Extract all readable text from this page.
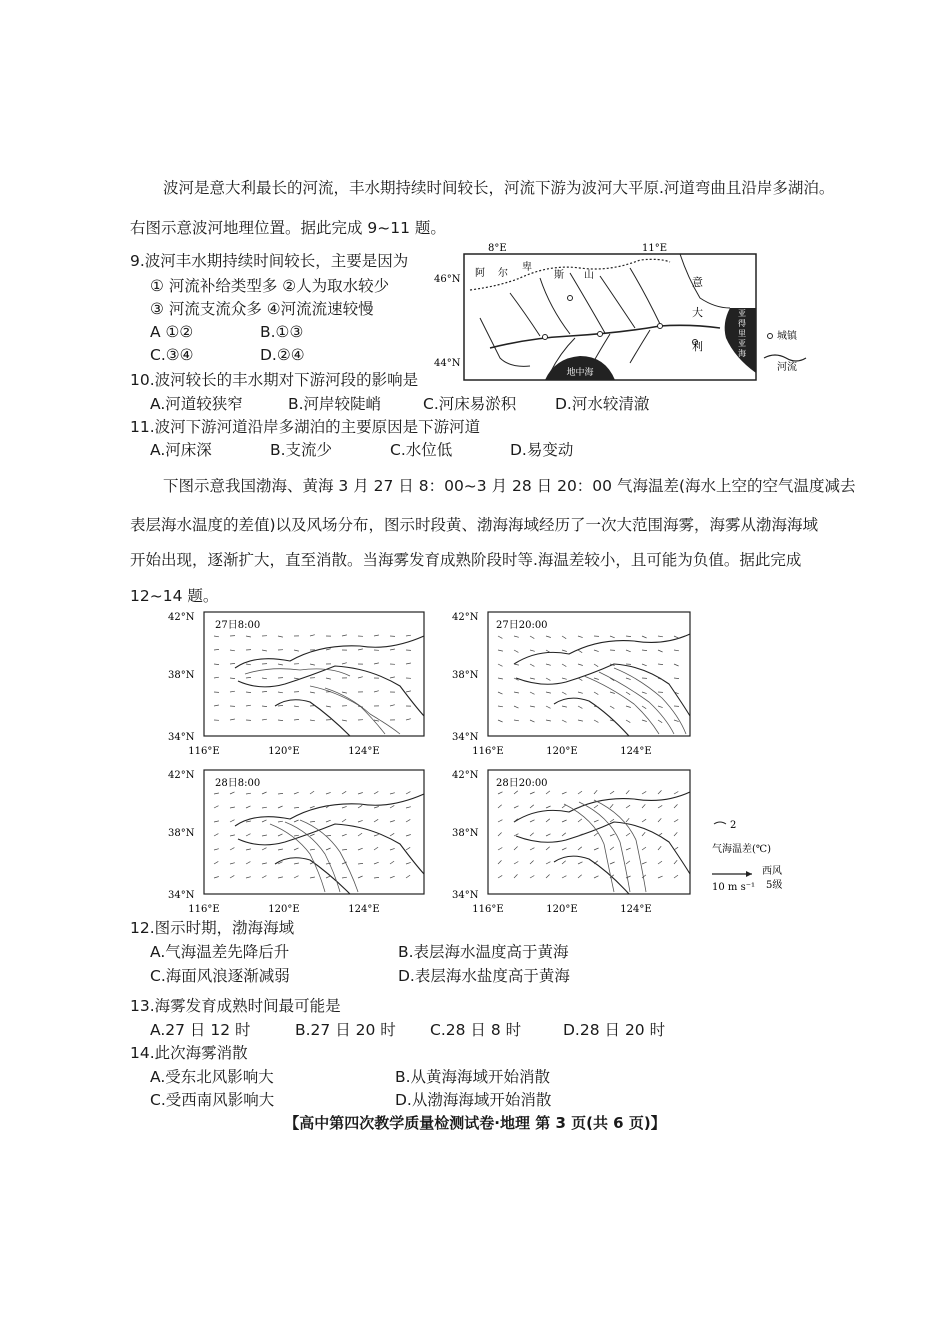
波河是意大利最长的河流，丰水期持续时间较长，河流下游为波河大平原.河道弯曲且沿岸多湖泊。
右图示意波河地理位置。据此完成 9~11 题。
9.波河丰水期持续时间较长，主要是因为
① 河流补给类型多 ②人为取水较少
③ 河流支流众多 ④河流流速较慢
A ①②	B.①③
C.③④	D.②④
10.波河较长的丰水期对下游河段的影响是
A.河道较狭窄	B.河岸较陡峭	C.河床易淤积 D.河水较清澈
11.波河下游河道沿岸多湖泊的主要原因是下游河道
A.河床深	B.支流少	C.水位低	D.易变动
8°E	11°E
46°N
44°N
地中海
亚
得
里
亚
海
阿 尔
卑
斯 山
意
大
利
城镇
河流
下图示意我国渤海、黄海 3 月 27 日 8：00~3 月 28 日 20：00 气海温差(海水上空的空气温度减去
表层海水温度的差值)以及风场分布，图示时段黄、渤海海域经历了一次大范围海雾，海雾从渤海海域
开始出现，逐渐扩大，直至消散。当海雾发育成熟阶段时等.海温差较小，且可能为负值。据此完成
12~14 题。
42°N
38°N
34°N
27日8:00
116°E	120°E	124°E
42°N
38°N
34°N
27日20:00
116°E	120°E	124°E
42°N
38°N
34°N
28日8:00
116°E	120°E	124°E
42°N
38°N
34°N
28日20:00
116°E	120°E	124°E
2
气海温差(℃)
西风
10 m s⁻¹ 5级
12.图示时期，渤海海域
A.气海温差先降后升	B.表层海水温度高于黄海
C.海面风浪逐渐减弱	D.表层海水盐度高于黄海
13.海雾发育成熟时间最可能是
A.27 日 12 时	B.27 日 20 时 C.28 日 8 时	D.28 日 20 时
14.此次海雾消散
A.受东北风影响大	B.从黄海海域开始消散
C.受西南风影响大	D.从渤海海域开始消散
【高中第四次教学质量检测试卷·地理 第 3 页(共 6 页)】
